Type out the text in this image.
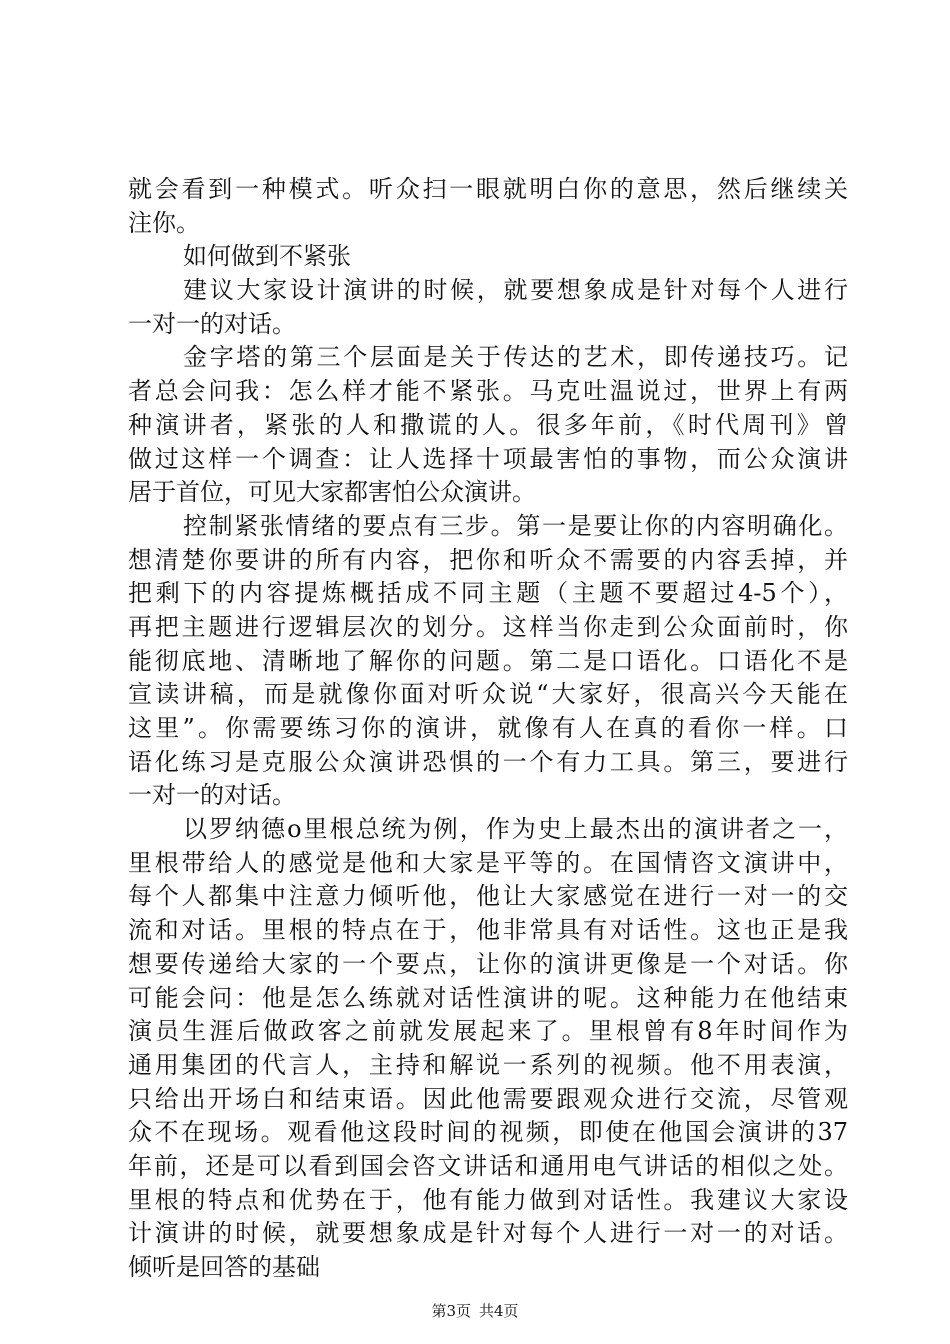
就会看到一种模式。听众扫一眼就明白你的意思，然后继续关
注你。
如何做到不紧张
建议大家设计演讲的时候，就要想象成是针对每个人进行
一对一的对话。
金字塔的第三个层面是关于传达的艺术，即传递技巧。记
者总会问我：怎么样才能不紧张。马克吐温说过，世界上有两
种演讲者，紧张的人和撒谎的人。很多年前，《时代周刊》曾
做过这样一个调查：让人选择十项最害怕的事物，而公众演讲
居于首位，可见大家都害怕公众演讲。
控制紧张情绪的要点有三步。第一是要让你的内容明确化。
想清楚你要讲的所有内容，把你和听众不需要的内容丢掉，并
把剩下的内容提炼概括成不同主题（主题不要超过4-5个），
再把主题进行逻辑层次的划分。这样当你走到公众面前时，你
能彻底地、清晰地了解你的问题。第二是口语化。口语化不是
宣读讲稿，而是就像你面对听众说“大家好，很高兴今天能在
这里”。你需要练习你的演讲，就像有人在真的看你一样。口
语化练习是克服公众演讲恐惧的一个有力工具。第三，要进行
一对一的对话。
以罗纳德o里根总统为例，作为史上最杰出的演讲者之一，
里根带给人的感觉是他和大家是平等的。在国情咨文演讲中，
每个人都集中注意力倾听他，他让大家感觉在进行一对一的交
流和对话。里根的特点在于，他非常具有对话性。这也正是我
想要传递给大家的一个要点，让你的演讲更像是一个对话。你
可能会问：他是怎么练就对话性演讲的呢。这种能力在他结束
演员生涯后做政客之前就发展起来了。里根曾有8年时间作为
通用集团的代言人，主持和解说一系列的视频。他不用表演，
只给出开场白和结束语。因此他需要跟观众进行交流，尽管观
众不在现场。观看他这段时间的视频，即使在他国会演讲的37
年前，还是可以看到国会咨文讲话和通用电气讲话的相似之处。
里根的特点和优势在于，他有能力做到对话性。我建议大家设
计演讲的时候，就要想象成是针对每个人进行一对一的对话。
倾听是回答的基础
第3页 共4页
